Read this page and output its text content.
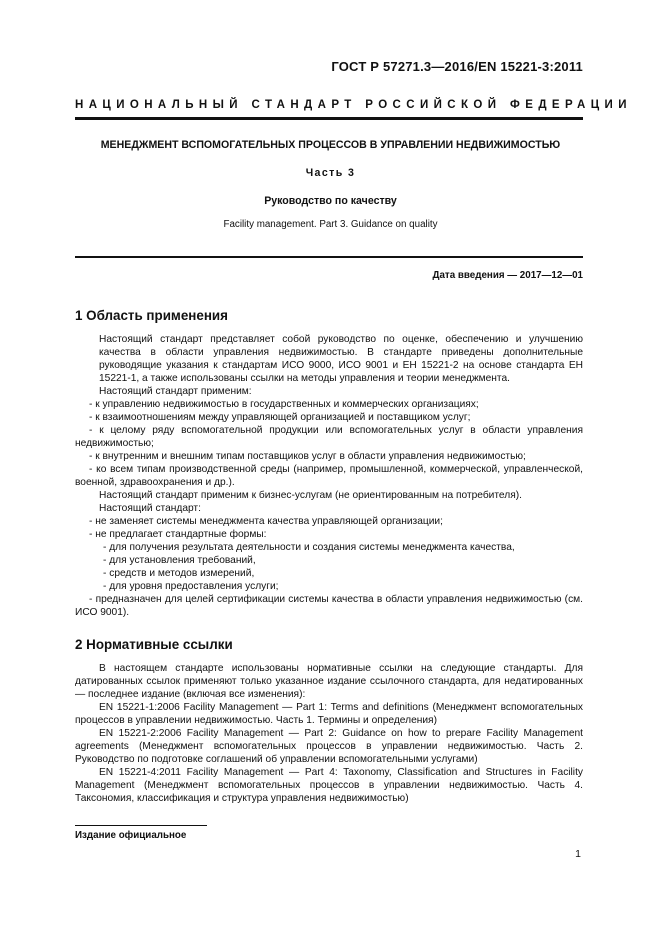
ГОСТ Р 57271.3—2016/EN 15221-3:2011
НАЦИОНАЛЬНЫЙ СТАНДАРТ РОССИЙСКОЙ ФЕДЕРАЦИИ
МЕНЕДЖМЕНТ ВСПОМОГАТЕЛЬНЫХ ПРОЦЕССОВ В УПРАВЛЕНИИ НЕДВИЖИМОСТЬЮ
Часть 3
Руководство по качеству
Facility management. Part 3. Guidance on quality
Дата введения — 2017—12—01
1 Область применения

Настоящий стандарт представляет собой руководство по оценке, обеспечению и улучшению качества в области управления недвижимостью. В стандарте приведены дополнительные руководящие указания к стандартам ИСО 9000, ИСО 9001 и ЕН 15221-2 на основе стандарта ЕН 15221-1, а также использованы ссылки на методы управления и теории менеджмента.

Настоящий стандарт применим:

- к управлению недвижимостью в государственных и коммерческих организациях;

- к взаимоотношениям между управляющей организацией и поставщиком услуг;

- к целому ряду вспомогательной продукции или вспомогательных услуг в области управления недвижимостью;

- к внутренним и внешним типам поставщиков услуг в области управления недвижимостью;

- ко всем типам производственной среды (например, промышленной, коммерческой, управленческой, военной, здравоохранения и др.).

Настоящий стандарт применим к бизнес-услугам (не ориентированным на потребителя).

Настоящий стандарт:

- не заменяет системы менеджмента качества управляющей организации;

- не предлагает стандартные формы:

- для получения результата деятельности и создания системы менеджмента качества,

- для установления требований,

- средств и методов измерений,

- для уровня предоставления услуги;

- предназначен для целей сертификации системы качества в области управления недвижимостью (см. ИСО 9001).

2 Нормативные ссылки

В настоящем стандарте использованы нормативные ссылки на следующие стандарты. Для датированных ссылок применяют только указанное издание ссылочного стандарта, для недатированных — последнее издание (включая все изменения):

EN 15221-1:2006 Facility Management — Part 1: Terms and definitions (Менеджмент вспомогательных процессов в управлении недвижимостью. Часть 1. Термины и определения)

EN 15221-2:2006 Facility Management — Part 2: Guidance on how to prepare Facility Management agreements (Менеджмент вспомогательных процессов в управлении недвижимостью. Часть 2. Руководство по подготовке соглашений об управлении вспомогательными услугами)

EN 15221-4:2011 Facility Management — Part 4: Taxonomy, Classification and Structures in Facility Management (Менеджмент вспомогательных процессов в управлении недвижимостью. Часть 4. Таксономия, классификация и структура управления недвижимостью)

Издание официальное
1
